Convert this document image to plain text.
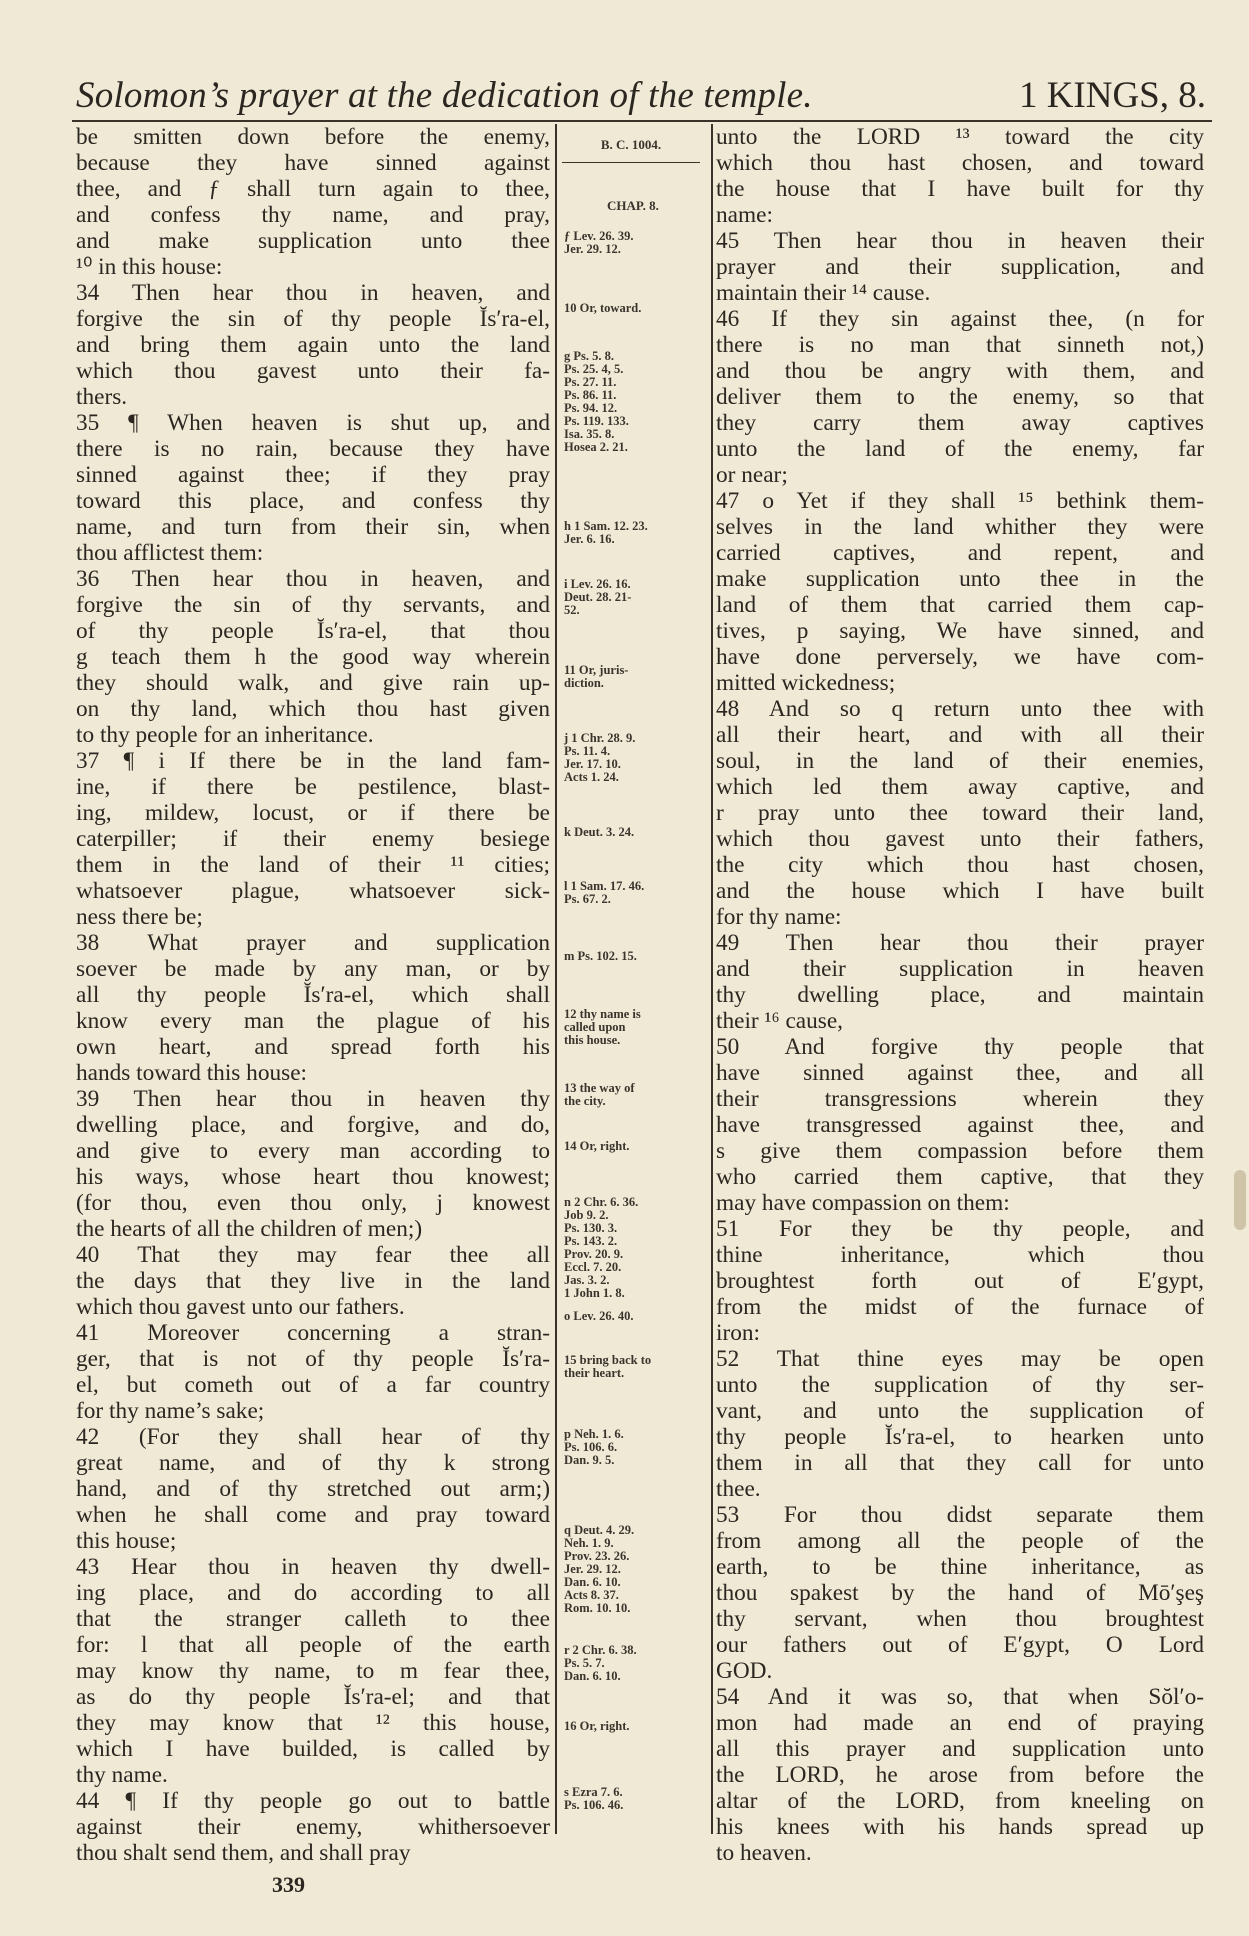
Solomon’s prayer at the dedication of the temple.	1 KINGS, 8.
be smitten down before the enemy,
because they have sinned against
thee, and ƒ shall turn again to thee,
and confess thy name, and pray,
and make supplication unto thee
¹⁰ in this house:
34 Then hear thou in heaven, and
forgive the sin of thy people Ĭs′ra-el,
and bring them again unto the land
which thou gavest unto their fa-
thers.
35 ¶ When heaven is shut up, and
there is no rain, because they have
sinned against thee; if they pray
toward this place, and confess thy
name, and turn from their sin, when
thou afflictest them:
36 Then hear thou in heaven, and
forgive the sin of thy servants, and
of thy people Ĭs′ra-el, that thou
g teach them h the good way wherein
they should walk, and give rain up-
on thy land, which thou hast given
to thy people for an inheritance.
37 ¶ i If there be in the land fam-
ine, if there be pestilence, blast-
ing, mildew, locust, or if there be
caterpiller; if their enemy besiege
them in the land of their ¹¹ cities;
whatsoever plague, whatsoever sick-
ness there be;
38 What prayer and supplication
soever be made by any man, or by
all thy people Ĭs′ra-el, which shall
know every man the plague of his
own heart, and spread forth his
hands toward this house:
39 Then hear thou in heaven thy
dwelling place, and forgive, and do,
and give to every man according to
his ways, whose heart thou knowest;
(for thou, even thou only, j knowest
the hearts of all the children of men;)
40 That they may fear thee all
the days that they live in the land
which thou gavest unto our fathers.
41 Moreover concerning a stran-
ger, that is not of thy people Ĭs′ra-
el, but cometh out of a far country
for thy name’s sake;
42 (For they shall hear of thy
great name, and of thy k strong
hand, and of thy stretched out arm;)
when he shall come and pray toward
this house;
43 Hear thou in heaven thy dwell-
ing place, and do according to all
that the stranger calleth to thee
for: l that all people of the earth
may know thy name, to m fear thee,
as do thy people Ĭs′ra-el; and that
they may know that ¹² this house,
which I have builded, is called by
thy name.
44 ¶ If thy people go out to battle
against their enemy, whithersoever
thou shalt send them, and shall pray
B. C. 1004.
CHAP. 8.
ƒ Lev. 26. 39.
Jer. 29. 12.
10 Or, toward.
g Ps. 5. 8.
Ps. 25. 4, 5.
Ps. 27. 11.
Ps. 86. 11.
Ps. 94. 12.
Ps. 119. 133.
Isa. 35. 8.
Hosea 2. 21.
h 1 Sam. 12. 23.
Jer. 6. 16.
i Lev. 26. 16.
Deut. 28. 21-
52.
11 Or, juris-
diction.
j 1 Chr. 28. 9.
Ps. 11. 4.
Jer. 17. 10.
Acts 1. 24.
k Deut. 3. 24.
l 1 Sam. 17. 46.
Ps. 67. 2.
m Ps. 102. 15.
12 thy name is
called upon
this house.
13 the way of
the city.
14 Or, right.
n 2 Chr. 6. 36.
Job 9. 2.
Ps. 130. 3.
Ps. 143. 2.
Prov. 20. 9.
Eccl. 7. 20.
Jas. 3. 2.
1 John 1. 8.
o Lev. 26. 40.
15 bring back to
their heart.
p Neh. 1. 6.
Ps. 106. 6.
Dan. 9. 5.
q Deut. 4. 29.
Neh. 1. 9.
Prov. 23. 26.
Jer. 29. 12.
Dan. 6. 10.
Acts 8. 37.
Rom. 10. 10.
r 2 Chr. 6. 38.
Ps. 5. 7.
Dan. 6. 10.
16 Or, right.
s Ezra 7. 6.
Ps. 106. 46.
unto the LORD ¹³ toward the city
which thou hast chosen, and toward
the house that I have built for thy
name:
45 Then hear thou in heaven their
prayer and their supplication, and
maintain their ¹⁴ cause.
46 If they sin against thee, (n for
there is no man that sinneth not,)
and thou be angry with them, and
deliver them to the enemy, so that
they carry them away captives
unto the land of the enemy, far
or near;
47 o Yet if they shall ¹⁵ bethink them-
selves in the land whither they were
carried captives, and repent, and
make supplication unto thee in the
land of them that carried them cap-
tives, p saying, We have sinned, and
have done perversely, we have com-
mitted wickedness;
48 And so q return unto thee with
all their heart, and with all their
soul, in the land of their enemies,
which led them away captive, and
r pray unto thee toward their land,
which thou gavest unto their fathers,
the city which thou hast chosen,
and the house which I have built
for thy name:
49 Then hear thou their prayer
and their supplication in heaven
thy dwelling place, and maintain
their ¹⁶ cause,
50 And forgive thy people that
have sinned against thee, and all
their transgressions wherein they
have transgressed against thee, and
s give them compassion before them
who carried them captive, that they
may have compassion on them:
51 For they be thy people, and
thine inheritance, which thou
broughtest forth out of E′gypt,
from the midst of the furnace of
iron:
52 That thine eyes may be open
unto the supplication of thy ser-
vant, and unto the supplication of
thy people Ĭs′ra-el, to hearken unto
them in all that they call for unto
thee.
53 For thou didst separate them
from among all the people of the
earth, to be thine inheritance, as
thou spakest by the hand of Mō′şeş
thy servant, when thou broughtest
our fathers out of E′gypt, O Lord
GOD.
54 And it was so, that when Sŏl′o-
mon had made an end of praying
all this prayer and supplication unto
the LORD, he arose from before the
altar of the LORD, from kneeling on
his knees with his hands spread up
to heaven.
339
